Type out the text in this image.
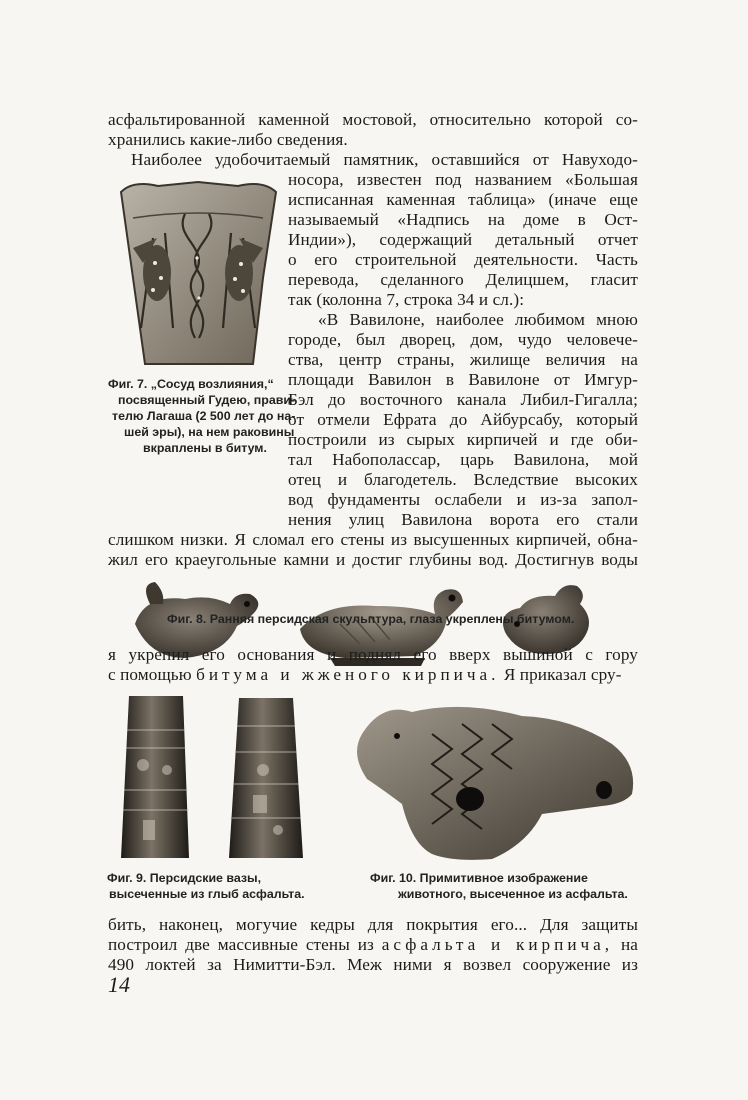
асфальтированной каменной мостовой, относительно которой со-
хранились какие-либо сведения.
Наиболее удобочитаемый памятник, оставшийся от Навуходо-
Фиг. 7. „Сосуд возлияния,“
посвященный Гудею, прави-
телю Лагаша (2 500 лет до на-
шей эры), на нем раковины
вкраплены в битум.
носора, известен под названием «Большая
исписанная каменная таблица» (иначе еще
называемый «Надпись на доме в Ост-
Индии»), содержащий детальный отчет
о его строительной деятельности. Часть
перевода, сделанного Делицшем, гласит
так (колонна 7, строка 34 и сл.):
«В Вавилоне, наиболее любимом мною
городе, был дворец, дом, чудо человече-
ства, центр страны, жилище величия на
площади Вавилон в Вавилоне от Имгур-
Бэл до восточного канала Либил-Гигалла;
от отмели Ефрата до Айбурсабу, который
построили из сырых кирпичей и где оби-
тал Набополассар, царь Вавилона, мой
отец и благодетель. Вследствие высоких
вод фундаменты ослабели и из-за запол-
нения улиц Вавилона ворота его стали
слишком низки. Я сломал его стены из высушенных кирпичей, обна-
жил его краеугольные камни и достиг глубины вод. Достигнув воды
Фиг. 8. Ранняя персидская скульптура, глаза укреплены битумом.
я укрепил его основания и поднял его вверх вышиной с гору
с помощью битума и жженого кирпича. Я приказал сру-
Фиг. 9. Персидские вазы,
высеченные из глыб асфальта.
Фиг. 10. Примитивное изображение
животного, высеченное из асфальта.
бить, наконец, могучие кедры для покрытия его... Для защиты
построил две массивные стены из асфальта и кирпича, на
490 локтей за Нимитти-Бэл. Меж ними я возвел сооружение из
14
